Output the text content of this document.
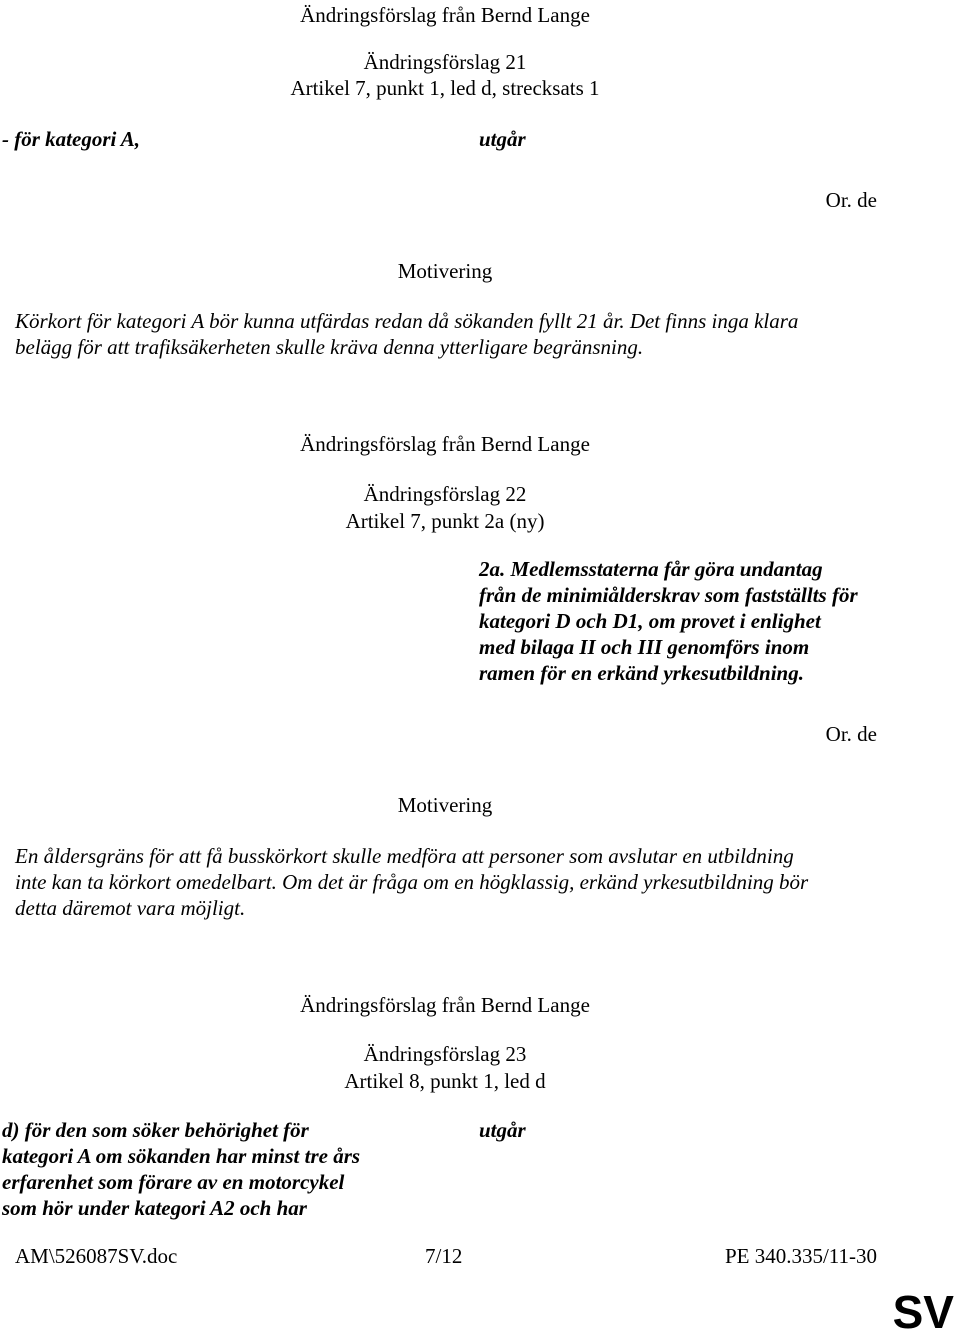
Ändringsförslag från Bernd Lange
Ändringsförslag 21
Artikel 7, punkt 1, led d, strecksats 1
- för kategori A,	utgår
Or. de
Motivering
Körkort för kategori A bör kunna utfärdas redan då sökanden fyllt 21 år. Det finns inga klara
belägg för att trafiksäkerheten skulle kräva denna ytterligare begränsning.
Ändringsförslag från Bernd Lange
Ändringsförslag 22
Artikel 7, punkt 2a (ny)
2a. Medlemsstaterna får göra undantag
från de minimiålderskrav som fastställts för
kategori D och D1, om provet i enlighet
med bilaga II och III genomförs inom
ramen för en erkänd yrkesutbildning.
Or. de
Motivering
En åldersgräns för att få busskörkort skulle medföra att personer som avslutar en utbildning
inte kan ta körkort omedelbart. Om det är fråga om en högklassig, erkänd yrkesutbildning bör
detta däremot vara möjligt.
Ändringsförslag från Bernd Lange
Ändringsförslag 23
Artikel 8, punkt 1, led d
d) för den som söker behörighet för
kategori A om sökanden har minst tre års
erfarenhet som förare av en motorcykel
som hör under kategori A2 och har
utgår
AM\526087SV.doc	7/12	PE 340.335/11-30
SV
